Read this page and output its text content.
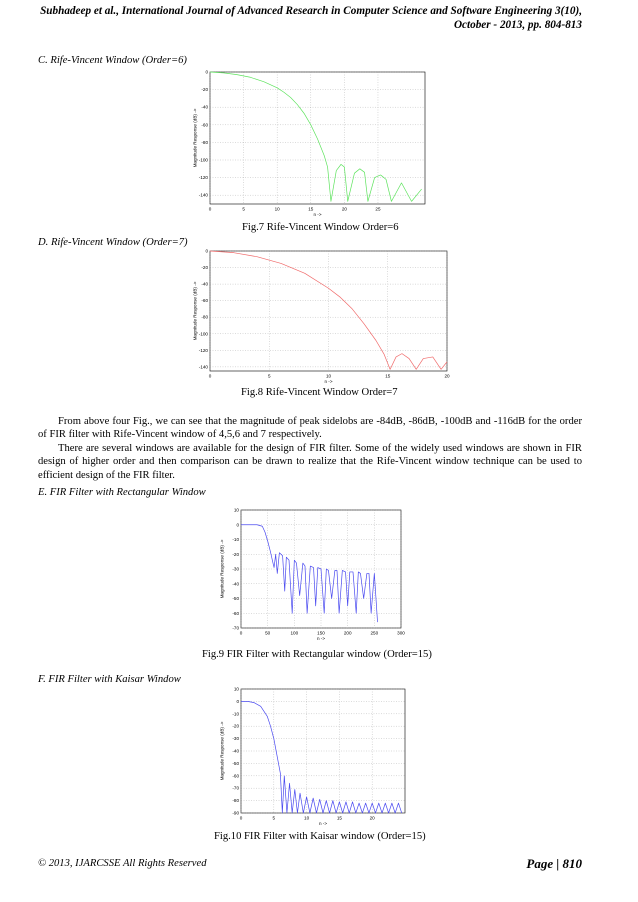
Subhadeep et al., International Journal of Advanced Research in Computer Science and Software Engineering 3(10),
October - 2013, pp. 804-813
C. Rife-Vincent Window (Order=6)
0
-20
-40
-60
-80
-100
-120
-140
0	5	10	15	20	25
n ->
Magnitude Response (dB) ->
Fig.7 Rife-Vincent Window Order=6
D. Rife-Vincent Window (Order=7)
0
-20
-40
-60
-80
-100
-120
-140
0	5	10	15	20
n ->
Magnitude Response (dB) ->
Fig.8 Rife-Vincent Window Order=7

From above four Fig., we can see that the magnitude of peak sidelobs are -84dB, -86dB, -100dB and -116dB for the order of FIR filter with Rife-Vincent window of 4,5,6 and 7 respectively.

There are several windows are available for the design of FIR filter. Some of the widely used windows are shown in FIR design of higher order and then comparison can be drawn to realize that the Rife-Vincent window technique can be used to efficient design of the FIR filter.

E. FIR Filter with Rectangular Window
10
0
-10
-20
-30
-40
-50
-60
-70
0	50	100	150	200	250	300
n ->
Magnitude Response (dB) ->
Fig.9 FIR Filter with Rectangular window (Order=15)
F. FIR Filter with Kaisar Window
10
0
-10
-20
-30
-40
-50
-60
-70
-80
-90
0	5	10	15	20
n ->
Magnitude Response (dB) ->
Fig.10 FIR Filter with Kaisar window (Order=15)
© 2013, IJARCSSE All Rights Reserved	Page | 810
